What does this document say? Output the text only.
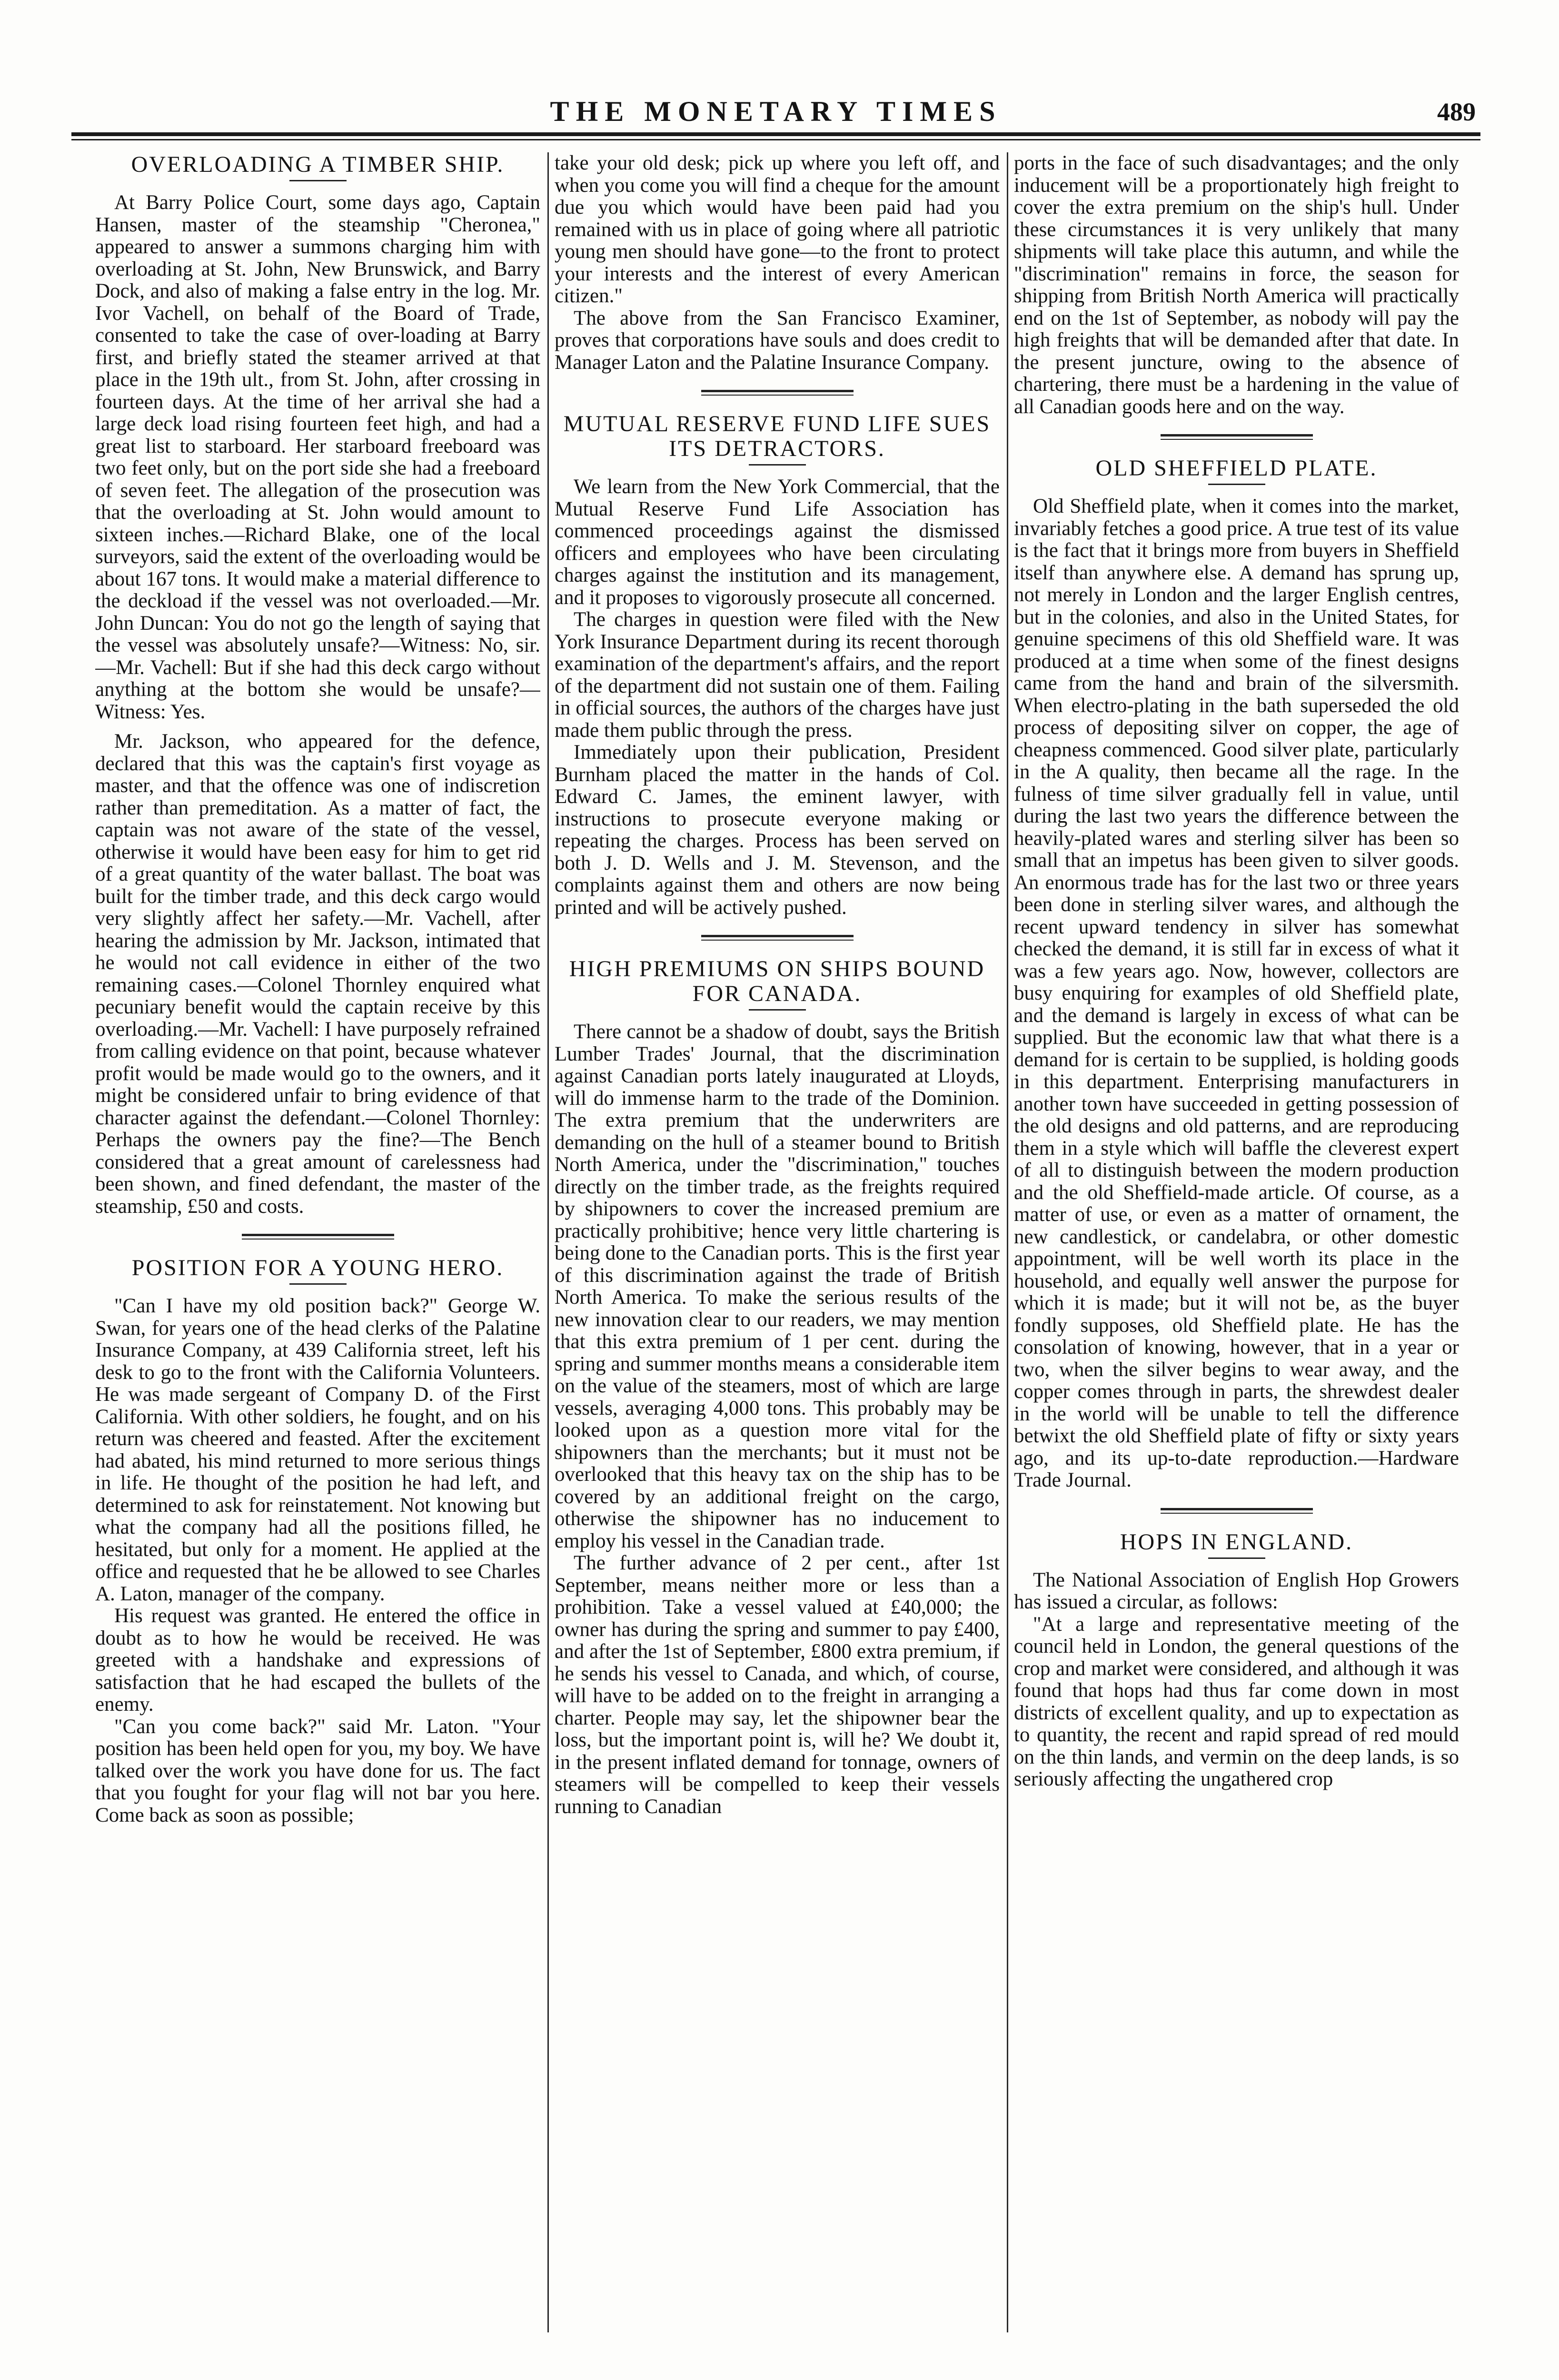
THE MONETARY TIMES	489
OVERLOADING A TIMBER SHIP.

At Barry Police Court, some days ago, Captain Hansen, master of the steamship "Cheronea," appeared to answer a summons charging him with overloading at St. John, New Brunswick, and Barry Dock, and also of making a false entry in the log. Mr. Ivor Vachell, on behalf of the Board of Trade, consented to take the case of over-loading at Barry first, and briefly stated the steamer arrived at that place in the 19th ult., from St. John, after crossing in fourteen days. At the time of her arrival she had a large deck load rising fourteen feet high, and had a great list to starboard. Her starboard freeboard was two feet only, but on the port side she had a freeboard of seven feet. The allegation of the prosecution was that the overloading at St. John would amount to sixteen inches.—Richard Blake, one of the local surveyors, said the extent of the overloading would be about 167 tons. It would make a material difference to the deckload if the vessel was not overloaded.—Mr. John Duncan: You do not go the length of saying that the vessel was absolutely unsafe?—Witness: No, sir.—Mr. Vachell: But if she had this deck cargo without anything at the bottom she would be unsafe?—Witness: Yes.

Mr. Jackson, who appeared for the defence, declared that this was the captain's first voyage as master, and that the offence was one of indiscretion rather than premeditation. As a matter of fact, the captain was not aware of the state of the vessel, otherwise it would have been easy for him to get rid of a great quantity of the water ballast. The boat was built for the timber trade, and this deck cargo would very slightly affect her safety.—Mr. Vachell, after hearing the admission by Mr. Jackson, intimated that he would not call evidence in either of the two remaining cases.—Colonel Thornley enquired what pecuniary benefit would the captain receive by this overloading.—Mr. Vachell: I have purposely refrained from calling evidence on that point, because whatever profit would be made would go to the owners, and it might be considered unfair to bring evidence of that character against the defendant.—Colonel Thornley: Perhaps the owners pay the fine?—The Bench considered that a great amount of carelessness had been shown, and fined defendant, the master of the steamship, £50 and costs.

POSITION FOR A YOUNG HERO.

"Can I have my old position back?" George W. Swan, for years one of the head clerks of the Palatine Insurance Company, at 439 California street, left his desk to go to the front with the California Volunteers. He was made sergeant of Company D. of the First California. With other soldiers, he fought, and on his return was cheered and feasted. After the excitement had abated, his mind returned to more serious things in life. He thought of the position he had left, and determined to ask for reinstatement. Not knowing but what the company had all the positions filled, he hesitated, but only for a moment. He applied at the office and requested that he be allowed to see Charles A. Laton, manager of the company.

His request was granted. He entered the office in doubt as to how he would be received. He was greeted with a handshake and expressions of satisfaction that he had escaped the bullets of the enemy.

"Can you come back?" said Mr. Laton. "Your position has been held open for you, my boy. We have talked over the work you have done for us. The fact that you fought for your flag will not bar you here. Come back as soon as possible;

take your old desk; pick up where you left off, and when you come you will find a cheque for the amount due you which would have been paid had you remained with us in place of going where all patriotic young men should have gone—to the front to protect your interests and the interest of every American citizen."

The above from the San Francisco Examiner, proves that corporations have souls and does credit to Manager Laton and the Palatine Insurance Company.

MUTUAL RESERVE FUND LIFE SUES ITS DETRACTORS.

We learn from the New York Commercial, that the Mutual Reserve Fund Life Association has commenced proceedings against the dismissed officers and employees who have been circulating charges against the institution and its management, and it proposes to vigorously prosecute all concerned.

The charges in question were filed with the New York Insurance Department during its recent thorough examination of the department's affairs, and the report of the department did not sustain one of them. Failing in official sources, the authors of the charges have just made them public through the press.

Immediately upon their publication, President Burnham placed the matter in the hands of Col. Edward C. James, the eminent lawyer, with instructions to prosecute everyone making or repeating the charges. Process has been served on both J. D. Wells and J. M. Stevenson, and the complaints against them and others are now being printed and will be actively pushed.

HIGH PREMIUMS ON SHIPS BOUND FOR CANADA.

There cannot be a shadow of doubt, says the British Lumber Trades' Journal, that the discrimination against Canadian ports lately inaugurated at Lloyds, will do immense harm to the trade of the Dominion. The extra premium that the underwriters are demanding on the hull of a steamer bound to British North America, under the "discrimination," touches directly on the timber trade, as the freights required by shipowners to cover the increased premium are practically prohibitive; hence very little chartering is being done to the Canadian ports. This is the first year of this discrimination against the trade of British North America. To make the serious results of the new innovation clear to our readers, we may mention that this extra premium of 1 per cent. during the spring and summer months means a considerable item on the value of the steamers, most of which are large vessels, averaging 4,000 tons. This probably may be looked upon as a question more vital for the shipowners than the merchants; but it must not be overlooked that this heavy tax on the ship has to be covered by an additional freight on the cargo, otherwise the shipowner has no inducement to employ his vessel in the Canadian trade.

The further advance of 2 per cent., after 1st September, means neither more or less than a prohibition. Take a vessel valued at £40,000; the owner has during the spring and summer to pay £400, and after the 1st of September, £800 extra premium, if he sends his vessel to Canada, and which, of course, will have to be added on to the freight in arranging a charter. People may say, let the shipowner bear the loss, but the important point is, will he? We doubt it, in the present inflated demand for tonnage, owners of steamers will be compelled to keep their vessels running to Canadian

ports in the face of such disadvantages; and the only inducement will be a proportionately high freight to cover the extra premium on the ship's hull. Under these circumstances it is very unlikely that many shipments will take place this autumn, and while the "discrimination" remains in force, the season for shipping from British North America will practically end on the 1st of September, as nobody will pay the high freights that will be demanded after that date. In the present juncture, owing to the absence of chartering, there must be a hardening in the value of all Canadian goods here and on the way.

OLD SHEFFIELD PLATE.

Old Sheffield plate, when it comes into the market, invariably fetches a good price. A true test of its value is the fact that it brings more from buyers in Sheffield itself than anywhere else. A demand has sprung up, not merely in London and the larger English centres, but in the colonies, and also in the United States, for genuine specimens of this old Sheffield ware. It was produced at a time when some of the finest designs came from the hand and brain of the silversmith. When electro-plating in the bath superseded the old process of depositing silver on copper, the age of cheapness commenced. Good silver plate, particularly in the A quality, then became all the rage. In the fulness of time silver gradually fell in value, until during the last two years the difference between the heavily-plated wares and sterling silver has been so small that an impetus has been given to silver goods. An enormous trade has for the last two or three years been done in sterling silver wares, and although the recent upward tendency in silver has somewhat checked the demand, it is still far in excess of what it was a few years ago. Now, however, collectors are busy enquiring for examples of old Sheffield plate, and the demand is largely in excess of what can be supplied. But the economic law that what there is a demand for is certain to be supplied, is holding goods in this department. Enterprising manufacturers in another town have succeeded in getting possession of the old designs and old patterns, and are reproducing them in a style which will baffle the cleverest expert of all to distinguish between the modern production and the old Sheffield-made article. Of course, as a matter of use, or even as a matter of ornament, the new candlestick, or candelabra, or other domestic appointment, will be well worth its place in the household, and equally well answer the purpose for which it is made; but it will not be, as the buyer fondly supposes, old Sheffield plate. He has the consolation of knowing, however, that in a year or two, when the silver begins to wear away, and the copper comes through in parts, the shrewdest dealer in the world will be unable to tell the difference betwixt the old Sheffield plate of fifty or sixty years ago, and its up-to-date reproduction.—Hardware Trade Journal.

HOPS IN ENGLAND.

The National Association of English Hop Growers has issued a circular, as follows:

"At a large and representative meeting of the council held in London, the general questions of the crop and market were considered, and although it was found that hops had thus far come down in most districts of excellent quality, and up to expectation as to quantity, the recent and rapid spread of red mould on the thin lands, and vermin on the deep lands, is so seriously affecting the ungathered crop
